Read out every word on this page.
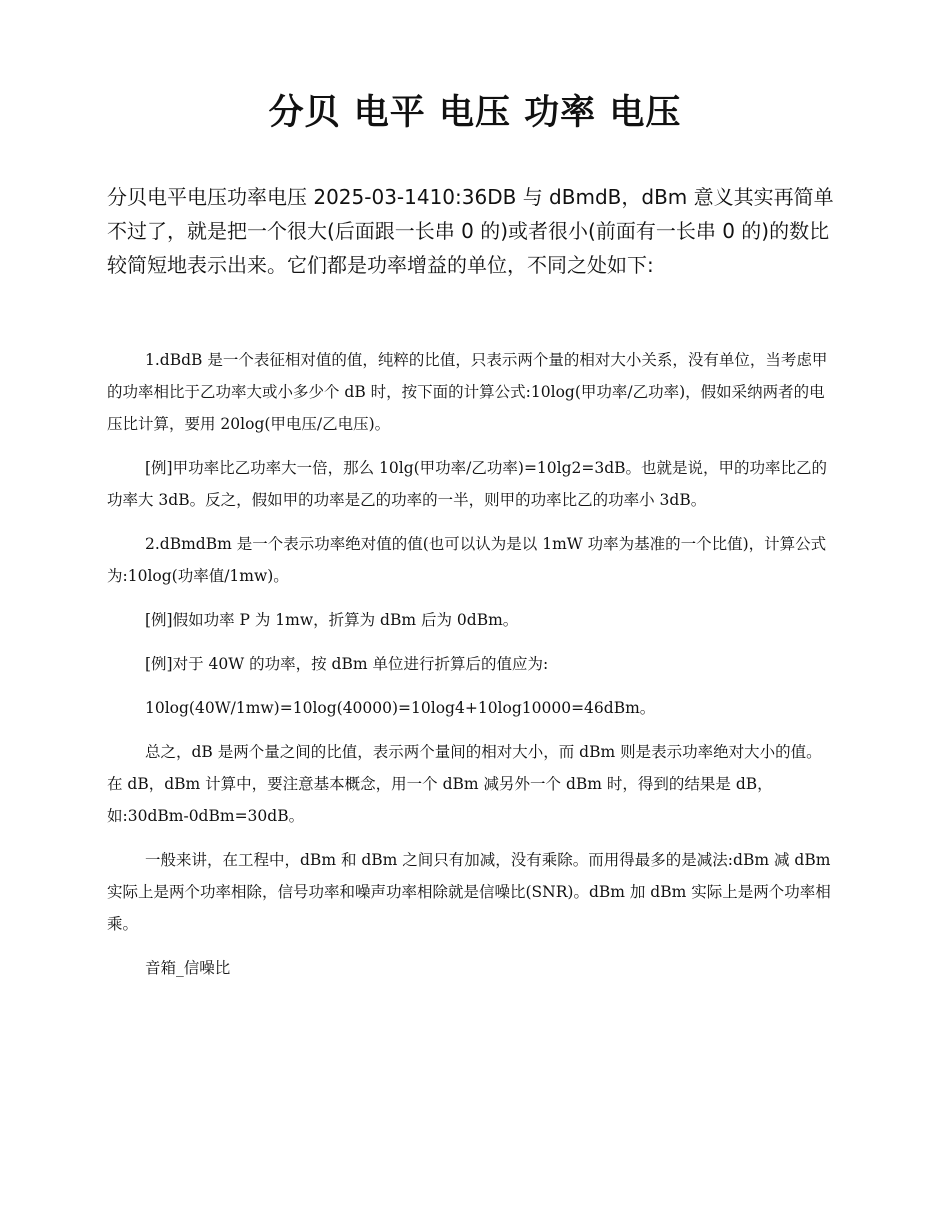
分贝 电平 电压 功率 电压

分贝电平电压功率电压 2025-03-1410:36DB 与 dBmdB，dBm 意义其实再简单不过了，就是把一个很大(后面跟一长串 0 的)或者很小(前面有一长串 0 的)的数比较简短地表示出来。它们都是功率增益的单位，不同之处如下:

1.dBdB 是一个表征相对值的值，纯粹的比值，只表示两个量的相对大小关系，没有单位，当考虑甲的功率相比于乙功率大或小多少个 dB 时，按下面的计算公式:10log(甲功率/乙功率)，假如采纳两者的电压比计算，要用 20log(甲电压/乙电压)。

[例]甲功率比乙功率大一倍，那么 10lg(甲功率/乙功率)=10lg2=3dB。也就是说，甲的功率比乙的功率大 3dB。反之，假如甲的功率是乙的功率的一半，则甲的功率比乙的功率小 3dB。

2.dBmdBm 是一个表示功率绝对值的值(也可以认为是以 1mW 功率为基准的一个比值)，计算公式为:10log(功率值/1mw)。

[例]假如功率 P 为 1mw，折算为 dBm 后为 0dBm。

[例]对于 40W 的功率，按 dBm 单位进行折算后的值应为:

10log(40W/1mw)=10log(40000)=10log4+10log10000=46dBm。

总之，dB 是两个量之间的比值，表示两个量间的相对大小，而 dBm 则是表示功率绝对大小的值。在 dB，dBm 计算中，要注意基本概念，用一个 dBm 减另外一个 dBm 时，得到的结果是 dB，如:30dBm-0dBm=30dB。

一般来讲，在工程中，dBm 和 dBm 之间只有加减，没有乘除。而用得最多的是减法:dBm 减 dBm 实际上是两个功率相除，信号功率和噪声功率相除就是信噪比(SNR)。dBm 加 dBm 实际上是两个功率相乘。

音箱_信噪比
